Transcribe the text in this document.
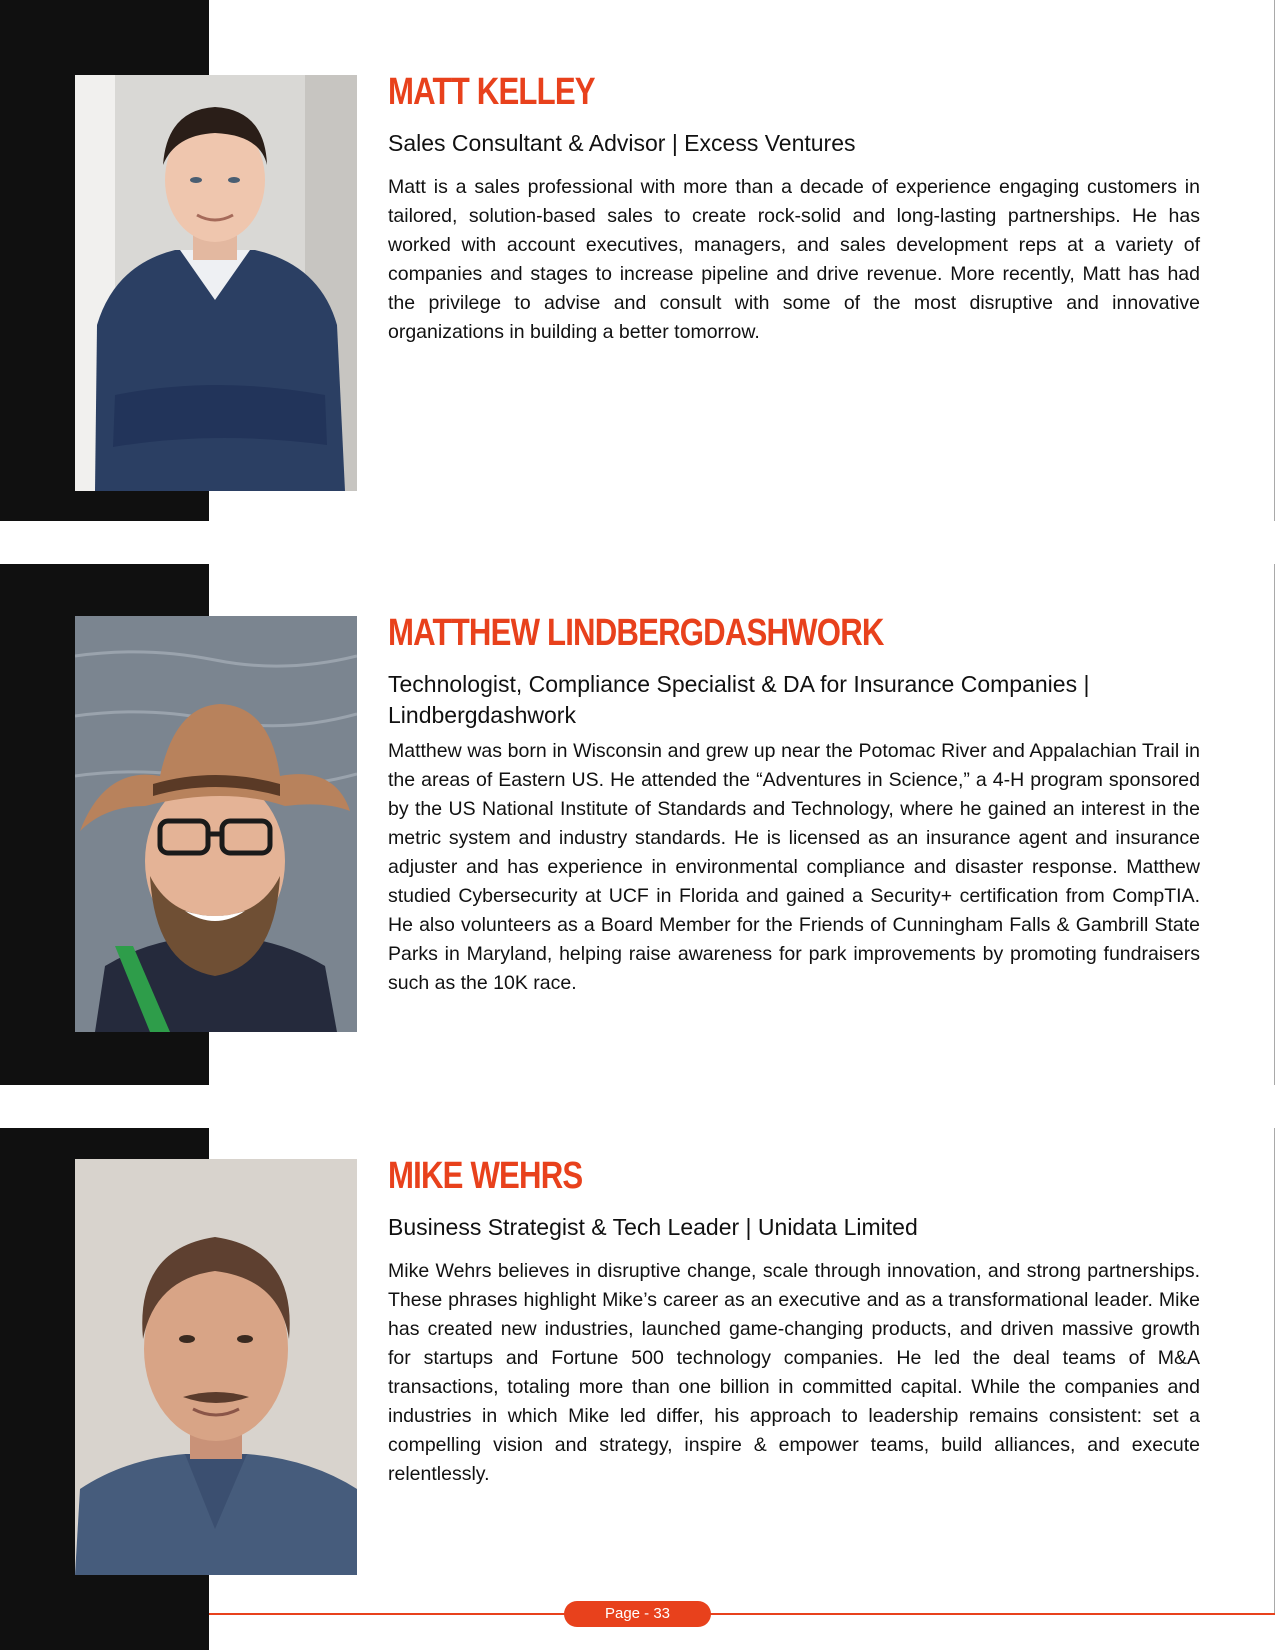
MATT KELLEY
Sales Consultant & Advisor | Excess Ventures

Matt is a sales professional with more than a decade of experience engaging customers in tailored, solution-based sales to create rock-solid and long-lasting partnerships. He has worked with account executives, managers, and sales development reps at a variety of companies and stages to increase pipeline and drive revenue. More recently, Matt has had the privilege to advise and consult with some of the most disruptive and innovative organizations in building a better tomorrow.

MATTHEW LINDBERGDASHWORK
Technologist, Compliance Specialist & DA for Insurance Companies | Lindbergdashwork

Matthew was born in Wisconsin and grew up near the Potomac River and Appalachian Trail in the areas of Eastern US. He attended the “Adventures in Science,” a 4-H program sponsored by the US National Institute of Standards and Technology, where he gained an interest in the metric system and industry standards. He is licensed as an insurance agent and insurance adjuster and has experience in environmental compliance and disaster response. Matthew studied Cybersecurity at UCF in Florida and gained a Security+ certification from CompTIA. He also volunteers as a Board Member for the Friends of Cunningham Falls & Gambrill State Parks in Maryland, helping raise awareness for park improvements by promoting fundraisers such as the 10K race.

MIKE WEHRS
Business Strategist & Tech Leader | Unidata Limited

Mike Wehrs believes in disruptive change, scale through innovation, and strong partnerships. These phrases highlight Mike’s career as an executive and as a transformational leader. Mike has created new industries, launched game-changing products, and driven massive growth for startups and Fortune 500 technology companies. He led the deal teams of M&A transactions, totaling more than one billion in committed capital. While the companies and industries in which Mike led differ, his approach to leadership remains consistent: set a compelling vision and strategy, inspire & empower teams, build alliances, and execute relentlessly.

Page - 33
